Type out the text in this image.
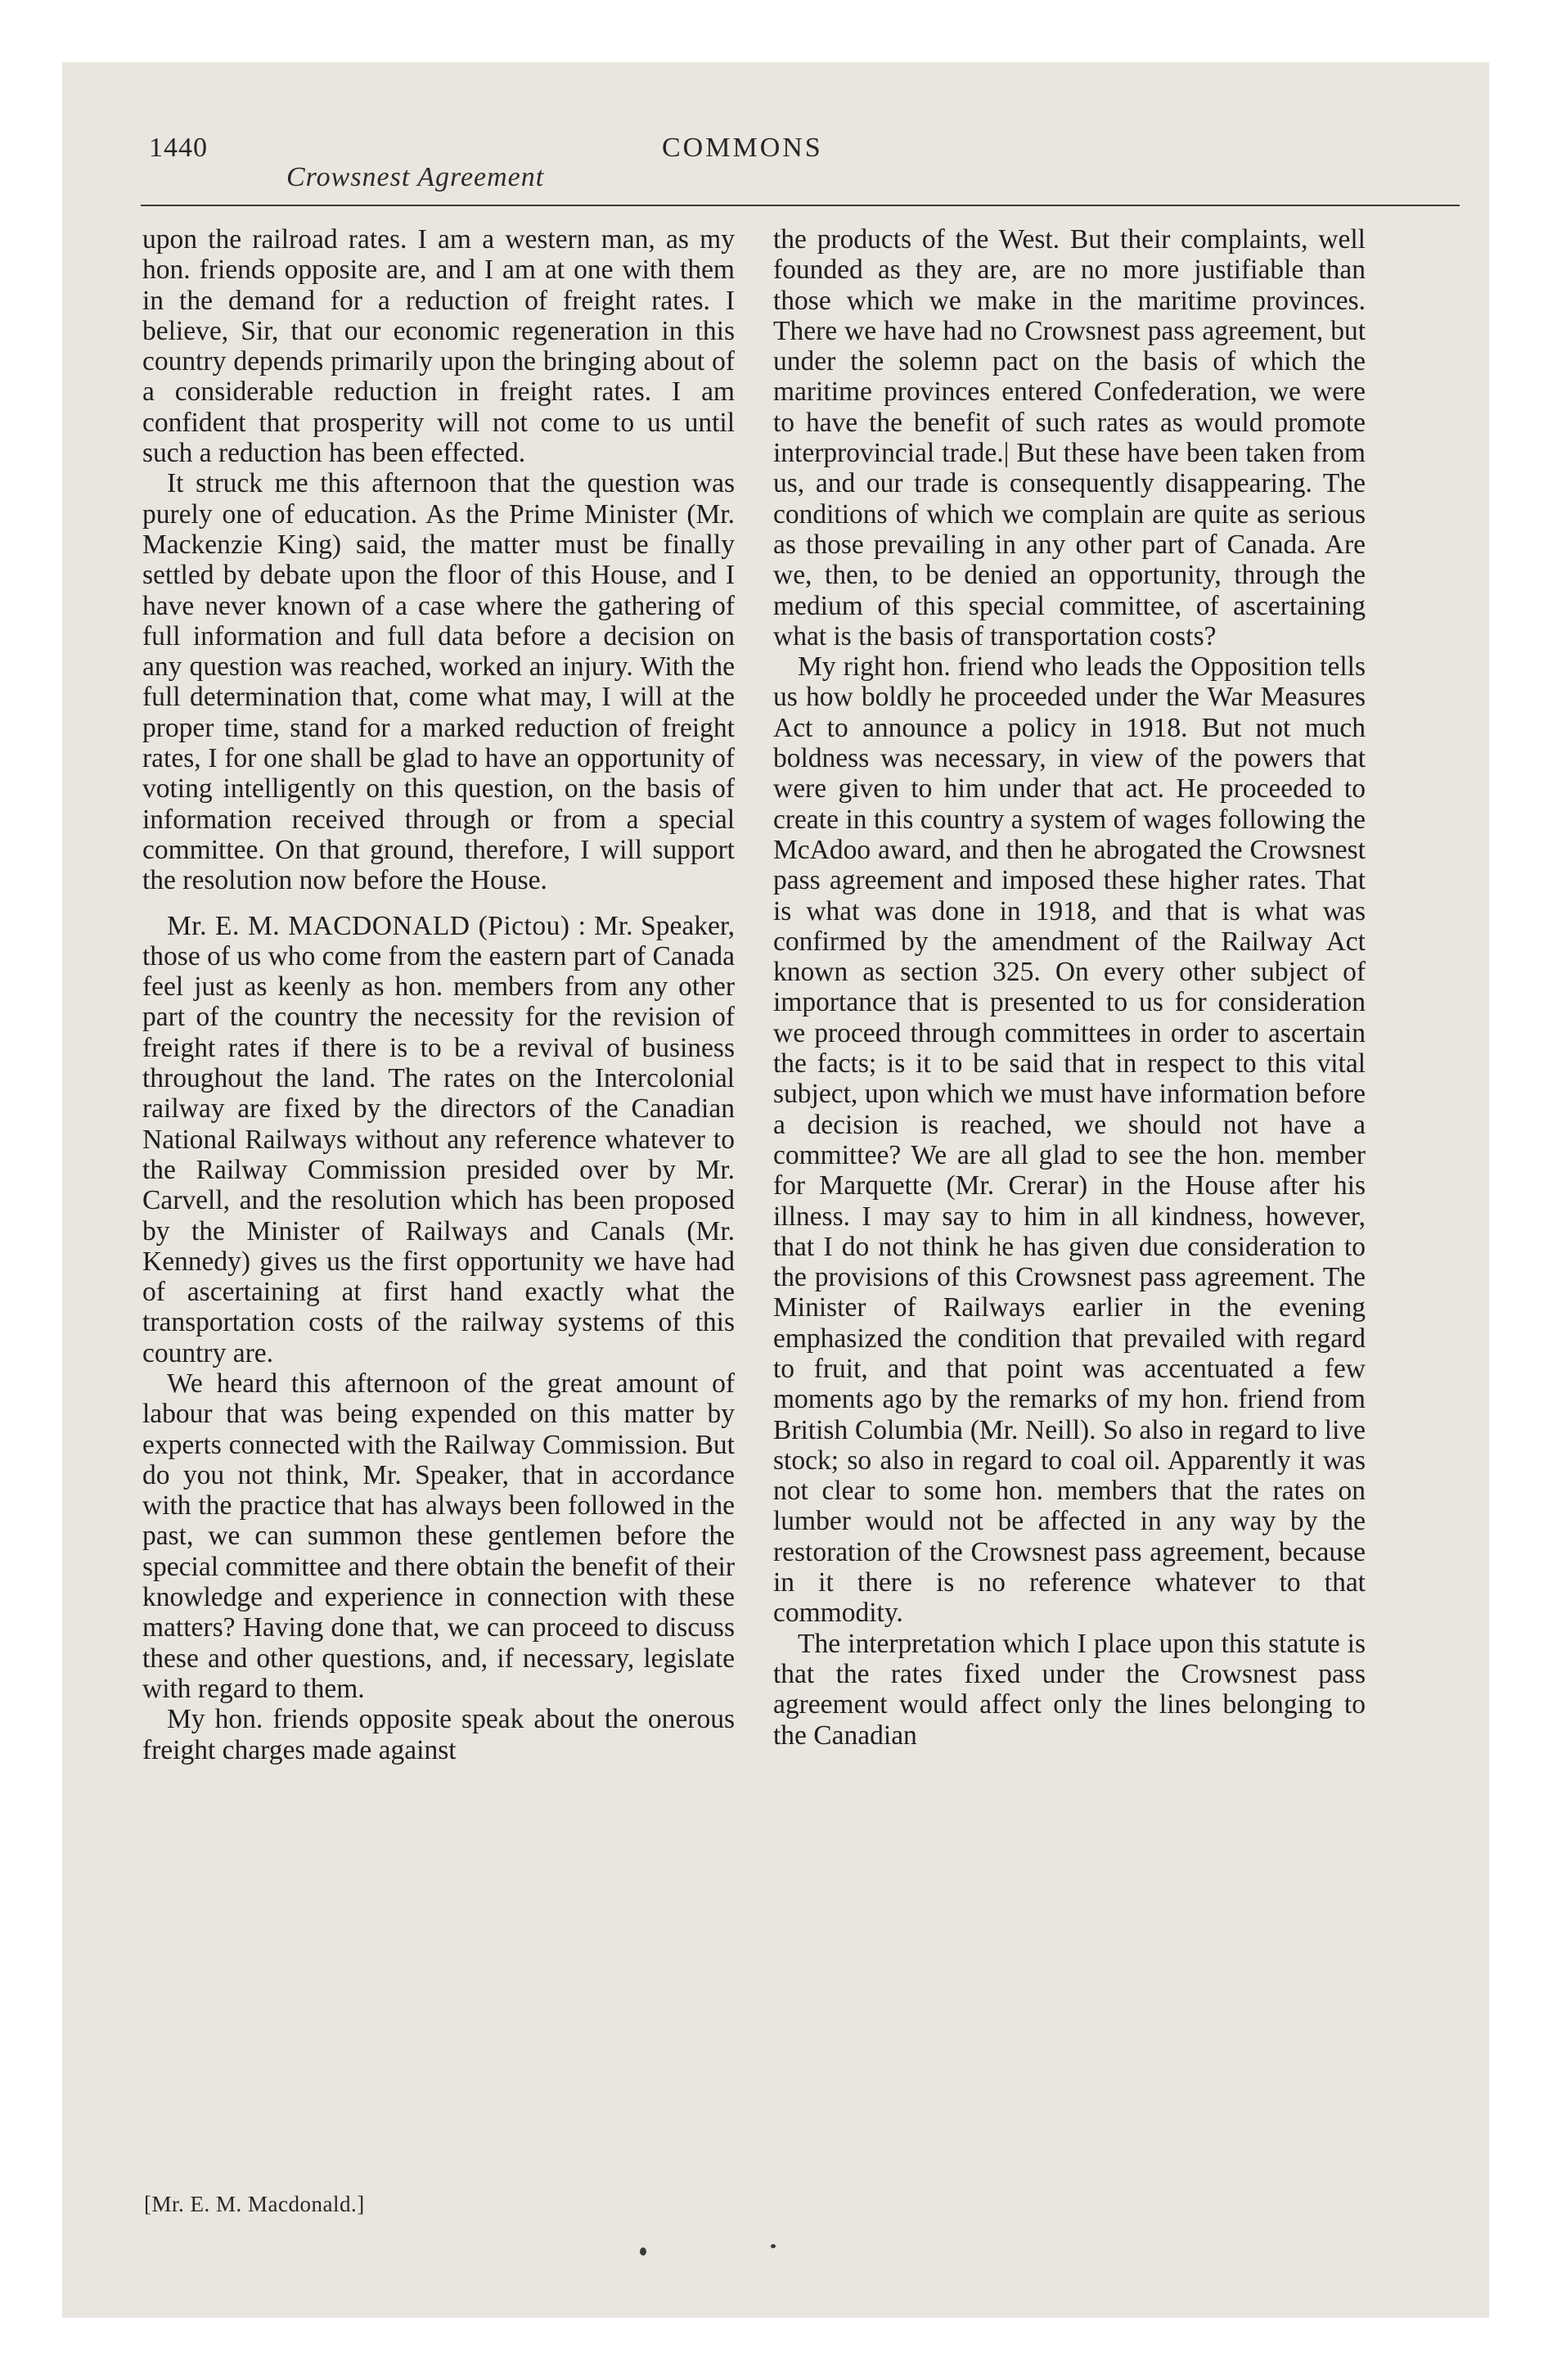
1440
Crowsnest Agreement
COMMONS

upon the railroad rates. I am a western man, as my hon. friends opposite are, and I am at one with them in the demand for a reduction of freight rates. I believe, Sir, that our economic regeneration in this country depends primarily upon the bringing about of a considerable reduction in freight rates. I am confident that prosperity will not come to us until such a reduction has been effected.

It struck me this afternoon that the question was purely one of education. As the Prime Minister (Mr. Mackenzie King) said, the matter must be finally settled by debate upon the floor of this House, and I have never known of a case where the gathering of full information and full data before a decision on any question was reached, worked an injury. With the full determination that, come what may, I will at the proper time, stand for a marked reduction of freight rates, I for one shall be glad to have an opportunity of voting intelligently on this question, on the basis of information received through or from a special committee. On that ground, therefore, I will support the resolution now before the House.

Mr. E. M. MACDONALD (Pictou) : Mr. Speaker, those of us who come from the eastern part of Canada feel just as keenly as hon. members from any other part of the country the necessity for the revision of freight rates if there is to be a revival of business throughout the land. The rates on the Intercolonial railway are fixed by the directors of the Canadian National Railways without any reference whatever to the Railway Commission presided over by Mr. Carvell, and the resolution which has been proposed by the Minister of Railways and Canals (Mr. Kennedy) gives us the first opportunity we have had of ascertaining at first hand exactly what the transportation costs of the railway systems of this country are.

We heard this afternoon of the great amount of labour that was being expended on this matter by experts connected with the Railway Commission. But do you not think, Mr. Speaker, that in accordance with the practice that has always been followed in the past, we can summon these gentlemen before the special committee and there obtain the benefit of their knowledge and experience in connection with these matters? Having done that, we can proceed to discuss these and other questions, and, if necessary, legislate with regard to them.

My hon. friends opposite speak about the onerous freight charges made against

the products of the West. But their complaints, well founded as they are, are no more justifiable than those which we make in the maritime provinces. There we have had no Crowsnest pass agreement, but under the solemn pact on the basis of which the maritime provinces entered Confederation, we were to have the benefit of such rates as would promote interprovincial trade.| But these have been taken from us, and our trade is consequently disappearing. The conditions of which we complain are quite as serious as those prevailing in any other part of Canada. Are we, then, to be denied an opportunity, through the medium of this special committee, of ascertaining what is the basis of transportation costs?

My right hon. friend who leads the Opposition tells us how boldly he proceeded under the War Measures Act to announce a policy in 1918. But not much boldness was necessary, in view of the powers that were given to him under that act. He proceeded to create in this country a system of wages following the McAdoo award, and then he abrogated the Crowsnest pass agreement and imposed these higher rates. That is what was done in 1918, and that is what was confirmed by the amendment of the Railway Act known as section 325. On every other subject of importance that is presented to us for consideration we proceed through committees in order to ascertain the facts; is it to be said that in respect to this vital subject, upon which we must have information before a decision is reached, we should not have a committee? We are all glad to see the hon. member for Marquette (Mr. Crerar) in the House after his illness. I may say to him in all kindness, however, that I do not think he has given due consideration to the provisions of this Crowsnest pass agreement. The Minister of Railways earlier in the evening emphasized the condition that prevailed with regard to fruit, and that point was accentuated a few moments ago by the remarks of my hon. friend from British Columbia (Mr. Neill). So also in regard to live stock; so also in regard to coal oil. Apparently it was not clear to some hon. members that the rates on lumber would not be affected in any way by the restoration of the Crowsnest pass agreement, because in it there is no reference whatever to that commodity.

The interpretation which I place upon this statute is that the rates fixed under the Crowsnest pass agreement would affect only the lines belonging to the Canadian

[Mr. E. M. Macdonald.]
